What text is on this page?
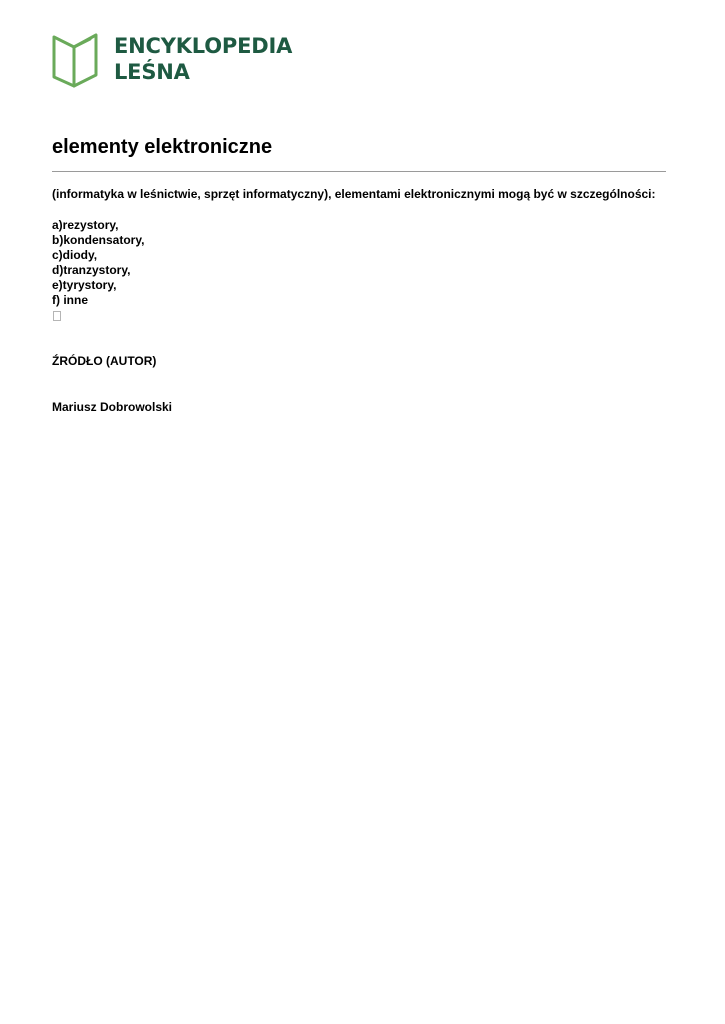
ENCYKLOPEDIA
LEŚNA
elementy elektroniczne
(informatyka w leśnictwie, sprzęt informatyczny), elementami elektronicznymi mogą być w szczególności:
a)rezystory,
b)kondensatory,
c)diody,
d)tranzystory,
e)tyrystory,
f) inne
ŹRÓDŁO (AUTOR)
Mariusz Dobrowolski
